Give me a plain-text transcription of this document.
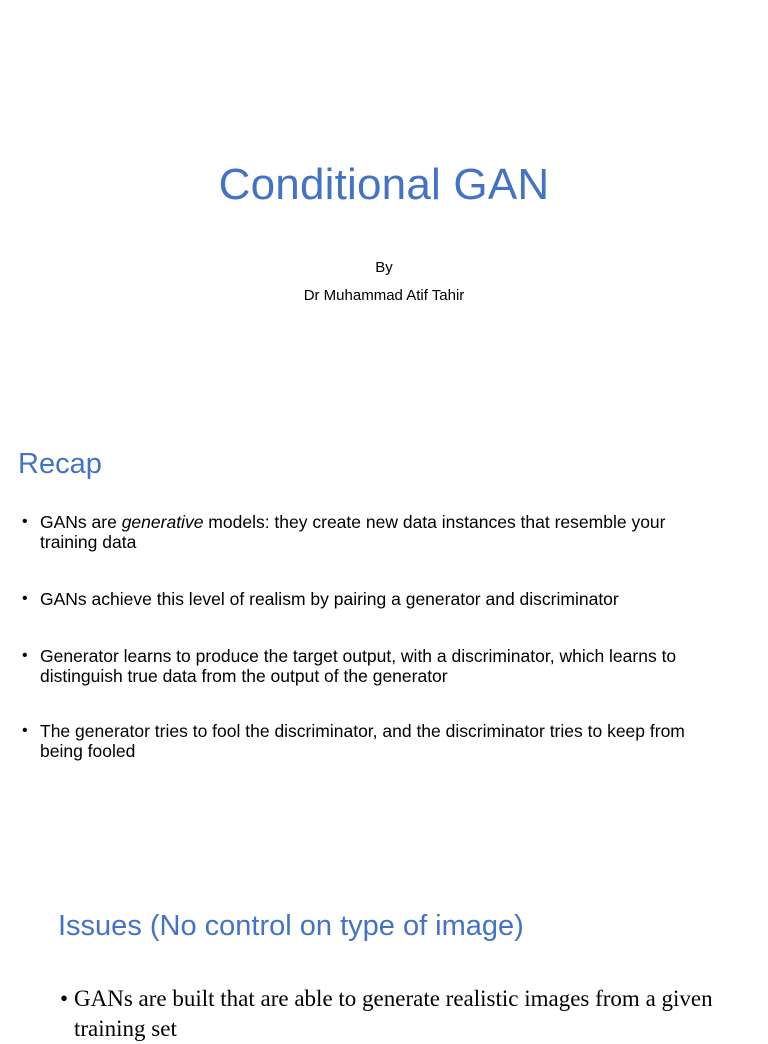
Conditional GAN

By

Dr Muhammad Atif Tahir

Recap
• GANs are generative models: they create new data instances that resemble your training data
• GANs achieve this level of realism by pairing a generator and discriminator
• Generator learns to produce the target output, with a discriminator, which learns to distinguish true data from the output of the generator
• The generator tries to fool the discriminator, and the discriminator tries to keep from being fooled
Issues (No control on type of image)
• GANs are built that are able to generate realistic images from a given training set
